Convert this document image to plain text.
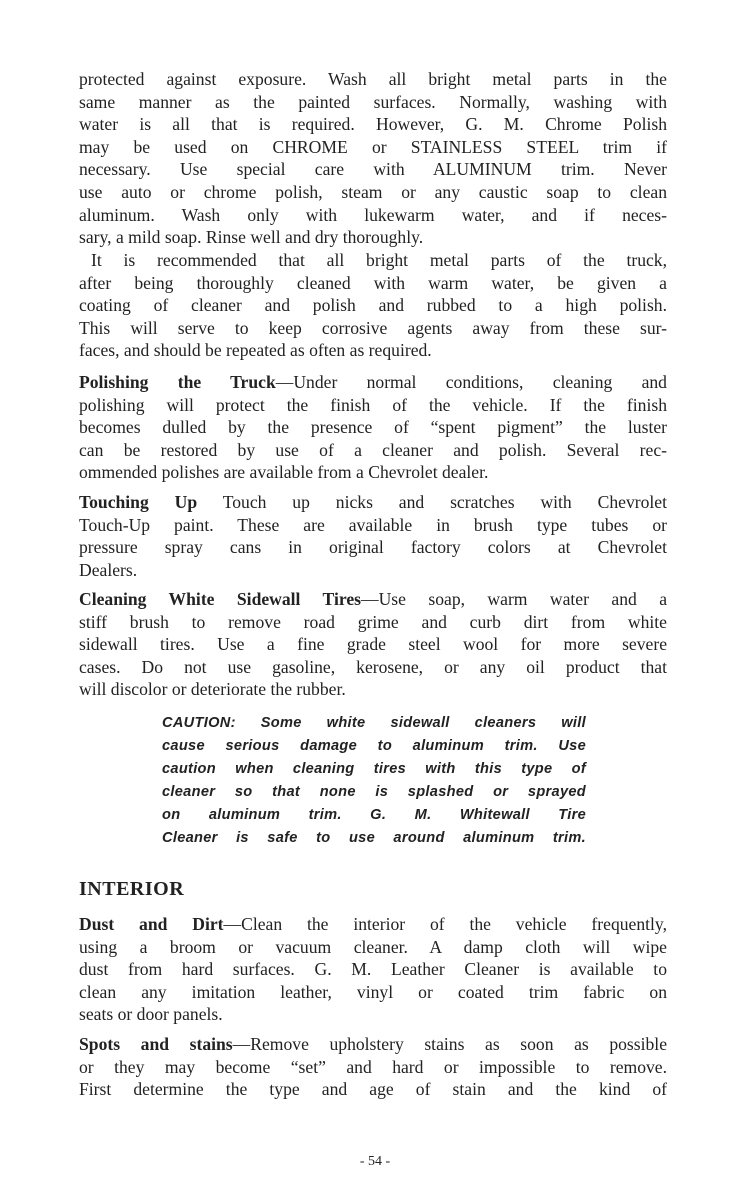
protected against exposure. Wash all bright metal parts in the
same manner as the painted surfaces. Normally, washing with
water is all that is required. However, G. M. Chrome Polish
may be used on CHROME or STAINLESS STEEL trim if
necessary. Use special care with ALUMINUM trim. Never
use auto or chrome polish, steam or any caustic soap to clean
aluminum. Wash only with lukewarm water, and if neces-
sary, a mild soap. Rinse well and dry thoroughly.
It is recommended that all bright metal parts of the truck,
after being thoroughly cleaned with warm water, be given a
coating of cleaner and polish and rubbed to a high polish.
This will serve to keep corrosive agents away from these sur-
faces, and should be repeated as often as required.
Polishing the Truck—Under normal conditions, cleaning and
polishing will protect the finish of the vehicle. If the finish
becomes dulled by the presence of “spent pigment” the luster
can be restored by use of a cleaner and polish. Several rec-
ommended polishes are available from a Chevrolet dealer.
Touching Up Touch up nicks and scratches with Chevrolet
Touch-Up paint. These are available in brush type tubes or
pressure spray cans in original factory colors at Chevrolet
Dealers.
Cleaning White Sidewall Tires—Use soap, warm water and a
stiff brush to remove road grime and curb dirt from white
sidewall tires. Use a fine grade steel wool for more severe
cases. Do not use gasoline, kerosene, or any oil product that
will discolor or deteriorate the rubber.
CAUTION: Some white sidewall cleaners will
cause serious damage to aluminum trim. Use
caution when cleaning tires with this type of
cleaner so that none is splashed or sprayed
on aluminum trim. G. M. Whitewall Tire
Cleaner is safe to use around aluminum trim.
INTERIOR
Dust and Dirt—Clean the interior of the vehicle frequently,
using a broom or vacuum cleaner. A damp cloth will wipe
dust from hard surfaces. G. M. Leather Cleaner is available to
clean any imitation leather, vinyl or coated trim fabric on
seats or door panels.
Spots and stains—Remove upholstery stains as soon as possible
or they may become “set” and hard or impossible to remove.
First determine the type and age of stain and the kind of
- 54 -
